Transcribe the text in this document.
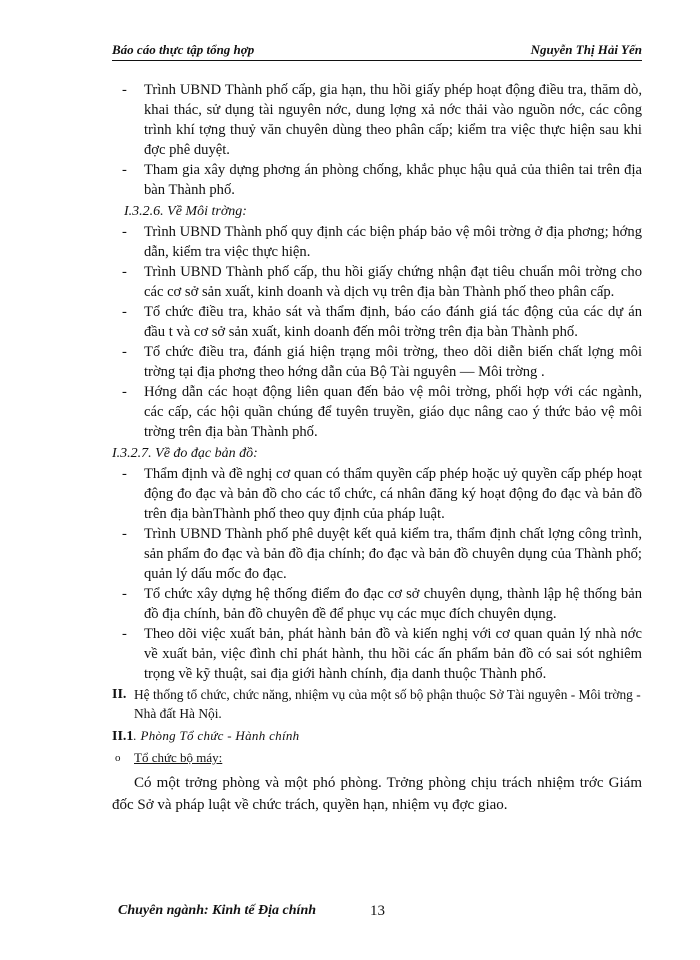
Báo cáo thực tập tổng hợp	Nguyễn Thị Hải Yến

- Trình UBND Thành phố cấp, gia hạn, thu hồi giấy phép hoạt động điều tra, thăm dò, khai thác, sử dụng tài nguyên nớc, dung lợng xả nớc thải vào nguồn nớc, các công trình khí tợng thuỷ văn chuyên dùng theo phân cấp; kiểm tra việc thực hiện sau khi đợc phê duyệt.

- Tham gia xây dựng phơng án phòng chống, khắc phục hậu quả của thiên tai trên địa bàn Thành phố.

I.3.2.6. Về Môi trờng:

- Trình UBND Thành phố quy định các biện pháp bảo vệ môi trờng ở địa phơng; hớng dẫn, kiểm tra việc thực hiện.

- Trình UBND Thành phố cấp, thu hồi giấy chứng nhận đạt tiêu chuẩn môi trờng cho các cơ sở sản xuất, kinh doanh và dịch vụ trên địa bàn Thành phố theo phân cấp.

- Tổ chức điều tra, khảo sát và thẩm định, báo cáo đánh giá tác động của các dự án đầu t và cơ sở sản xuất, kinh doanh đến môi trờng trên địa bàn Thành phố.

- Tổ chức điều tra, đánh giá hiện trạng môi trờng, theo dõi diễn biến chất lợng môi trờng tại địa phơng theo hớng dẫn của Bộ Tài nguyên — Môi trờng .

- Hớng dẫn các hoạt động liên quan đến bảo vệ môi trờng, phối hợp với các ngành, các cấp, các hội quần chúng để tuyên truyền, giáo dục nâng cao ý thức bảo vệ môi trờng trên địa bàn Thành phố.

I.3.2.7. Về đo đạc bản đồ:

- Thẩm định và đề nghị cơ quan có thẩm quyền cấp phép hoặc uỷ quyền cấp phép hoạt động đo đạc và bản đồ cho các tổ chức, cá nhân đăng ký hoạt động đo đạc và bản đồ trên địa bànThành phố theo quy định của pháp luật.

- Trình UBND Thành phố phê duyệt kết quả kiểm tra, thẩm định chất lợng công trình, sản phẩm đo đạc và bản đồ địa chính; đo đạc và bản đồ chuyên dụng của Thành phố; quản lý dấu mốc đo đạc.

- Tổ chức xây dựng hệ thống điểm đo đạc cơ sở chuyên dụng, thành lập hệ thống bản đồ địa chính, bản đồ chuyên đề để phục vụ các mục đích chuyên dụng.

- Theo dõi việc xuất bản, phát hành bản đồ và kiến nghị với cơ quan quản lý nhà nớc về xuất bản, việc đình chỉ phát hành, thu hồi các ấn phẩm bản đồ có sai sót nghiêm trọng về kỹ thuật, sai địa giới hành chính, địa danh thuộc Thành phố.

II. Hệ thống tổ chức, chức năng, nhiệm vụ của một số bộ phận thuộc Sở Tài nguyên - Môi trờng - Nhà đất Hà Nội.
II.1. Phòng Tổ chức - Hành chính
o Tổ chức bộ máy:

Có một trởng phòng và một phó phòng. Trởng phòng chịu trách nhiệm trớc Giám đốc Sở và pháp luật về chức trách, quyền hạn, nhiệm vụ đợc giao.

Chuyên ngành: Kinh tế Địa chính	13
